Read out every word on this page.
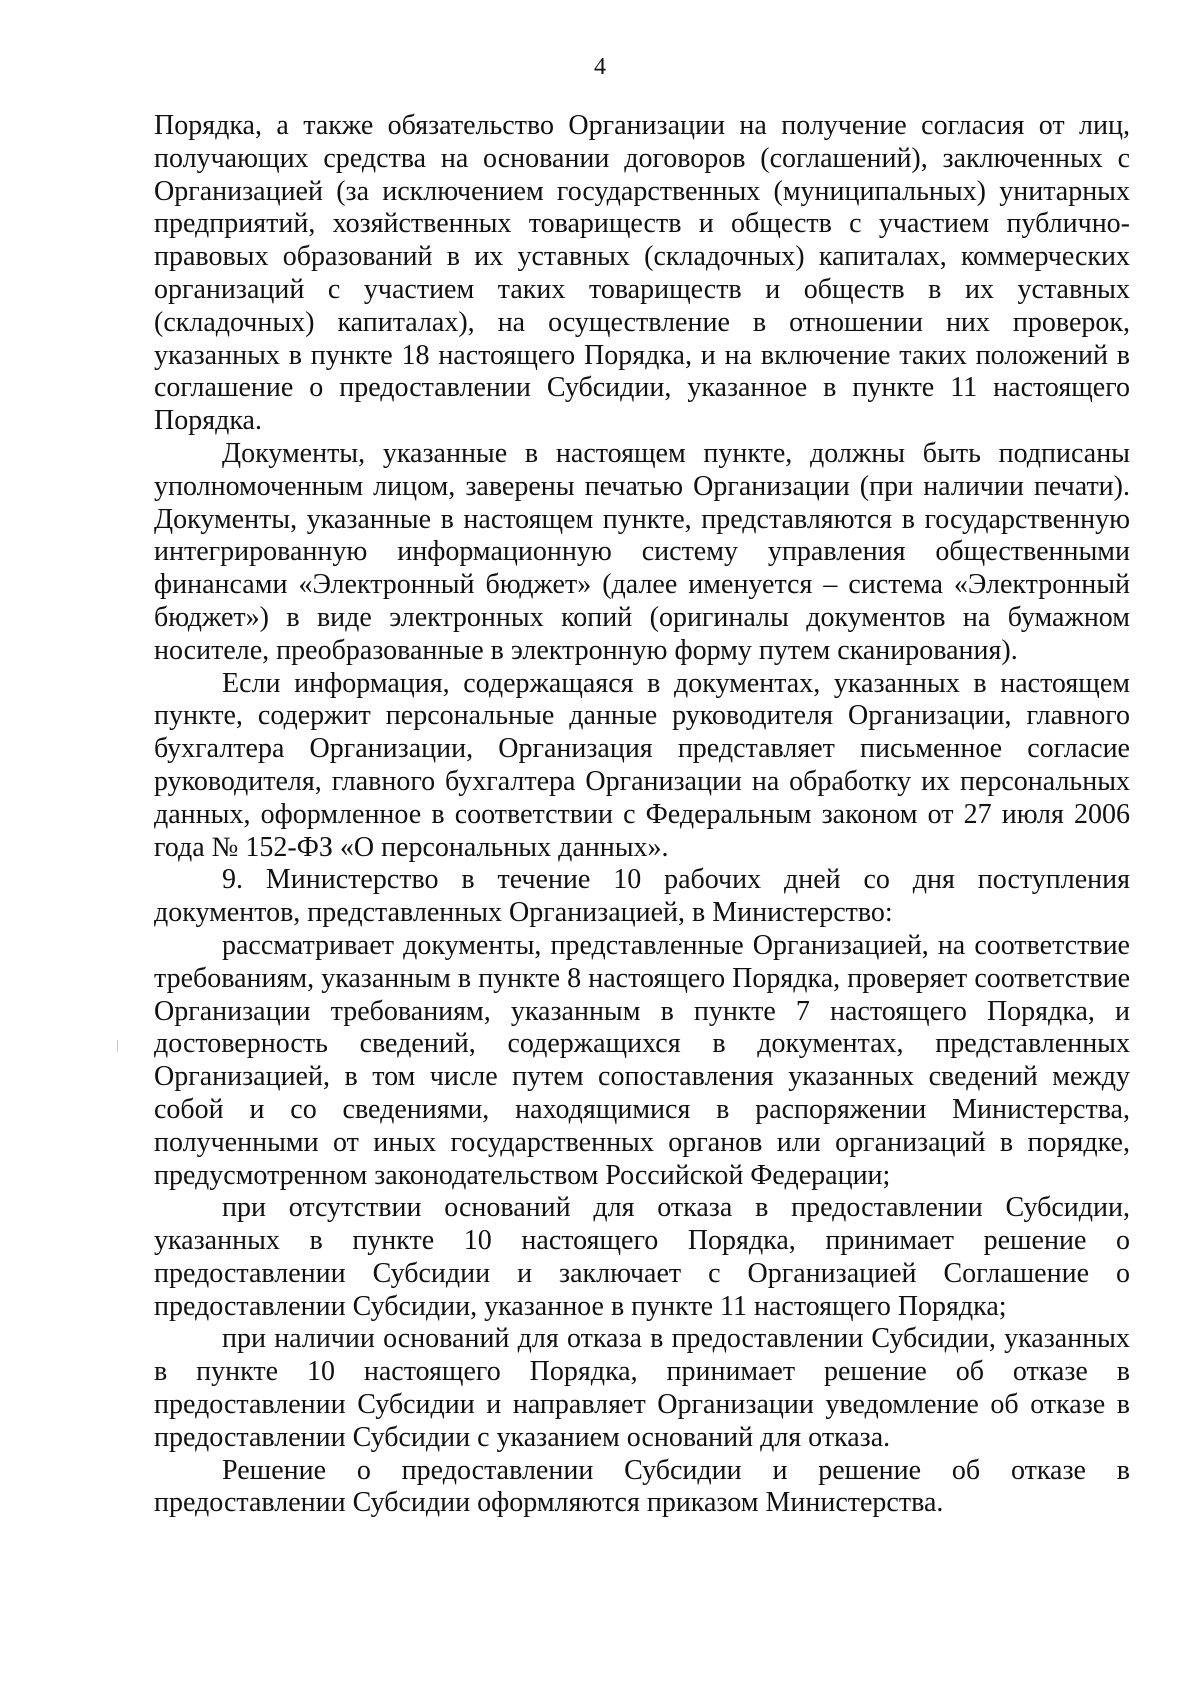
4

Порядка, а также обязательство Организации на получение согласия от лиц, получающих средства на основании договоров (соглашений), заключенных с Организацией (за исключением государственных (муниципальных) унитарных предприятий, хозяйственных товариществ и обществ с участием публично-правовых образований в их уставных (складочных) капиталах, коммерческих организаций с участием таких товариществ и обществ в их уставных (складочных) капиталах), на осуществление в отношении них проверок, указанных в пункте 18 настоящего Порядка, и на включение таких положений в соглашение о предоставлении Субсидии, указанное в пункте 11 настоящего Порядка.

Документы, указанные в настоящем пункте, должны быть подписаны уполномоченным лицом, заверены печатью Организации (при наличии печати). Документы, указанные в настоящем пункте, представляются в государственную интегрированную информационную систему управления общественными финансами «Электронный бюджет» (далее именуется – система «Электронный бюджет») в виде электронных копий (оригиналы документов на бумажном носителе, преобразованные в электронную форму путем сканирования).

Если информация, содержащаяся в документах, указанных в настоящем пункте, содержит персональные данные руководителя Организации, главного бухгалтера Организации, Организация представляет письменное согласие руководителя, главного бухгалтера Организации на обработку их персональных данных, оформленное в соответствии с Федеральным законом от 27 июля 2006 года № 152-ФЗ «О персональных данных».

9. Министерство в течение 10 рабочих дней со дня поступления документов, представленных Организацией, в Министерство:

рассматривает документы, представленные Организацией, на соответствие требованиям, указанным в пункте 8 настоящего Порядка, проверяет соответствие Организации требованиям, указанным в пункте 7 настоящего Порядка, и достоверность сведений, содержащихся в документах, представленных Организацией, в том числе путем сопоставления указанных сведений между собой и со сведениями, находящимися в распоряжении Министерства, полученными от иных государственных органов или организаций в порядке, предусмотренном законодательством Российской Федерации;

при отсутствии оснований для отказа в предоставлении Субсидии, указанных в пункте 10 настоящего Порядка, принимает решение о предоставлении Субсидии и заключает с Организацией Соглашение о предоставлении Субсидии, указанное в пункте 11 настоящего Порядка;

при наличии оснований для отказа в предоставлении Субсидии, указанных в пункте 10 настоящего Порядка, принимает решение об отказе в предоставлении Субсидии и направляет Организации уведомление об отказе в предоставлении Субсидии с указанием оснований для отказа.

Решение о предоставлении Субсидии и решение об отказе в предоставлении Субсидии оформляются приказом Министерства.
